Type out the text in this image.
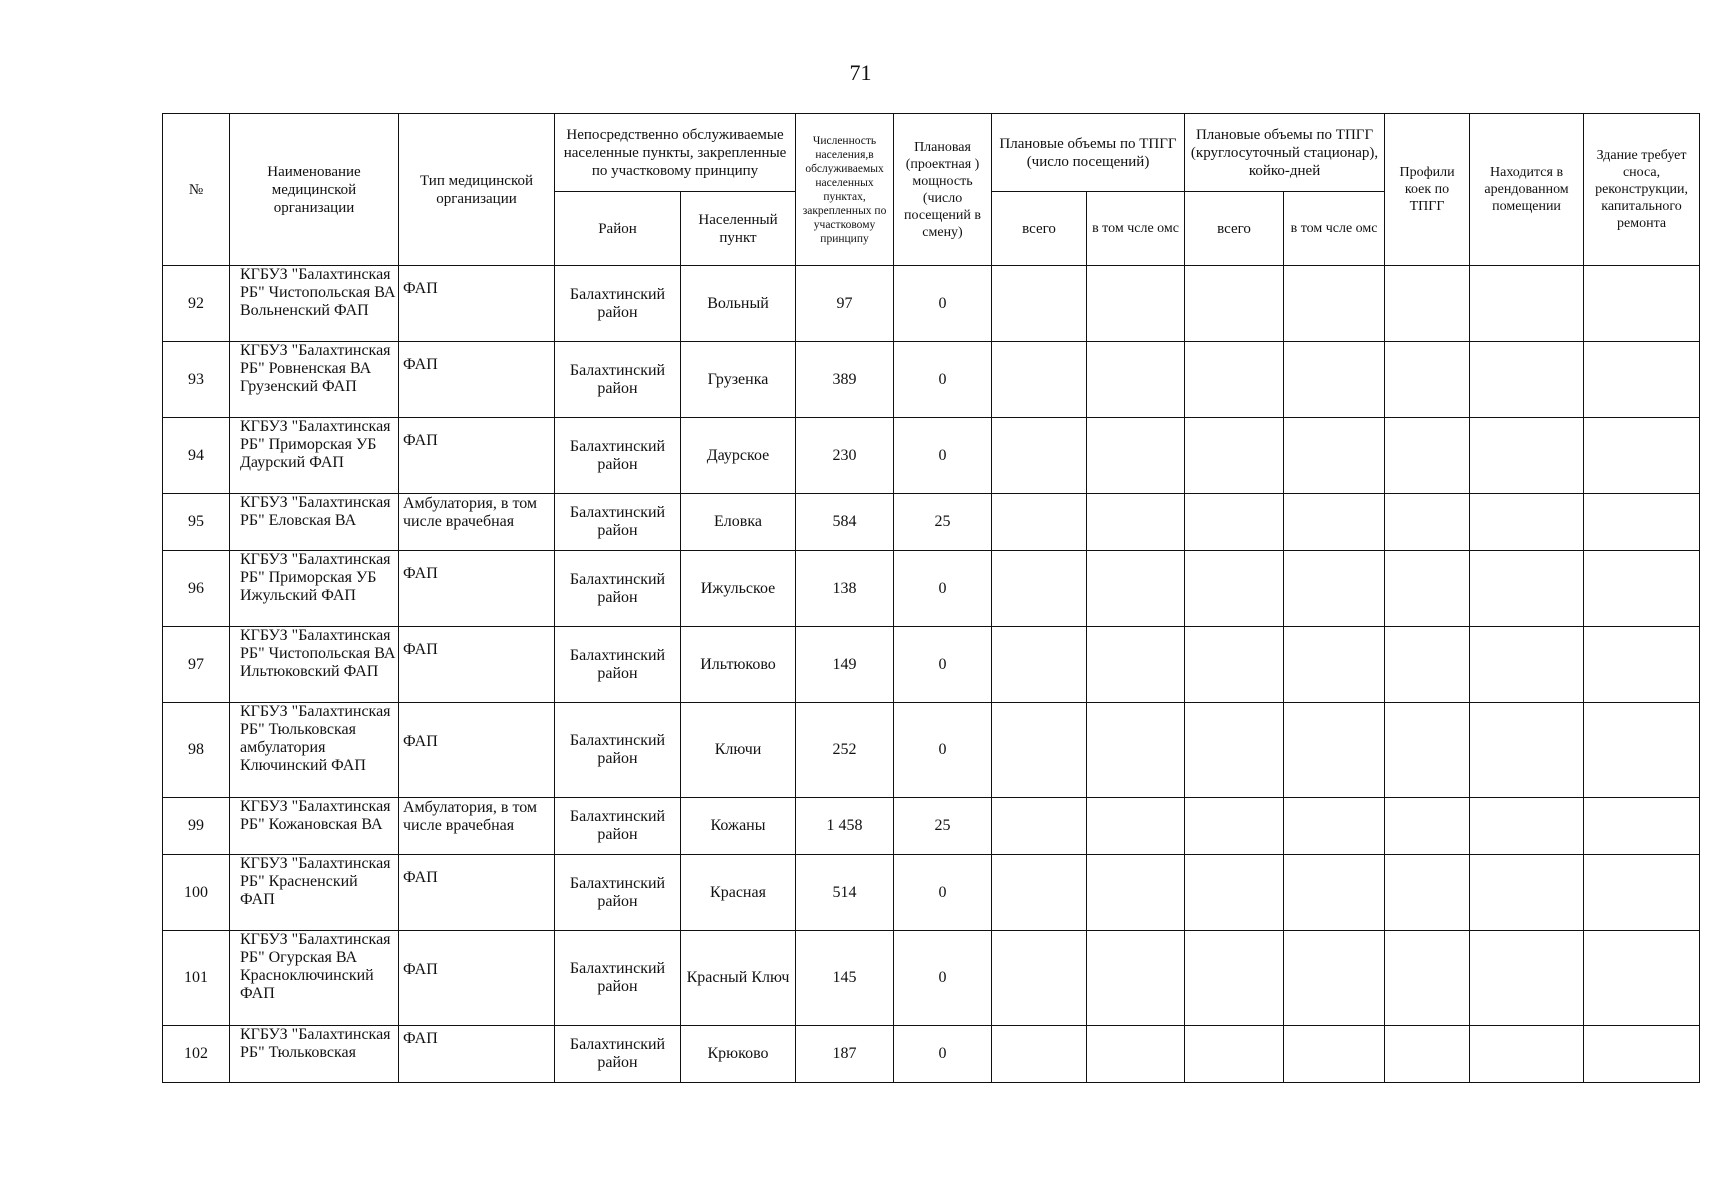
71
№	Наименование медицинской организации	Тип медицинской организации	Непосредственно обслуживаемые населенные пункты, закрепленные по участковому принципу		Численность населения,в обслуживаемых населенных пунктах, закрепленных по участковому принципу	Плановая (проектная ) мощность (число посещений в смену)	Плановые объемы по ТПГГ (число посещений)		Плановые объемы по ТПГГ (круглосуточный стационар), койко-дней		Профили коек по ТПГГ	Находится в арендованном помещении	Здание требует сноса, реконструкции, капитального ремонта
			Район	Населенный пункт			всего	в том чсле омс	всего	в том чсле омс			
92	КГБУЗ "Балахтинская РБ" Чистопольская ВА Вольненский ФАП	ФАП	Балахтинский район	Вольный	97	0							
93	КГБУЗ "Балахтинская РБ" Ровненская ВА Грузенский ФАП	ФАП	Балахтинский район	Грузенка	389	0							
94	КГБУЗ "Балахтинская РБ" Приморская УБ Даурский ФАП	ФАП	Балахтинский район	Даурское	230	0							
95	КГБУЗ "Балахтинская РБ" Еловская ВА	Амбулатория, в том числе врачебная	Балахтинский район	Еловка	584	25							
96	КГБУЗ "Балахтинская РБ" Приморская УБ Ижульский ФАП	ФАП	Балахтинский район	Ижульское	138	0							
97	КГБУЗ "Балахтинская РБ" Чистопольская ВА Ильтюковский ФАП	ФАП	Балахтинский район	Ильтюково	149	0							
98	КГБУЗ "Балахтинская РБ" Тюльковская амбулатория Ключинский ФАП	ФАП	Балахтинский район	Ключи	252	0							
99	КГБУЗ "Балахтинская РБ" Кожановская ВА	Амбулатория, в том числе врачебная	Балахтинский район	Кожаны	1 458	25							
100	КГБУЗ "Балахтинская РБ" Красненский ФАП	ФАП	Балахтинский район	Красная	514	0							
101	КГБУЗ "Балахтинская РБ" Огурская ВА Красноключинский ФАП	ФАП	Балахтинский район	Красный Ключ	145	0							
102	КГБУЗ "Балахтинская РБ" Тюльковская	ФАП	Балахтинский район	Крюково	187	0							
